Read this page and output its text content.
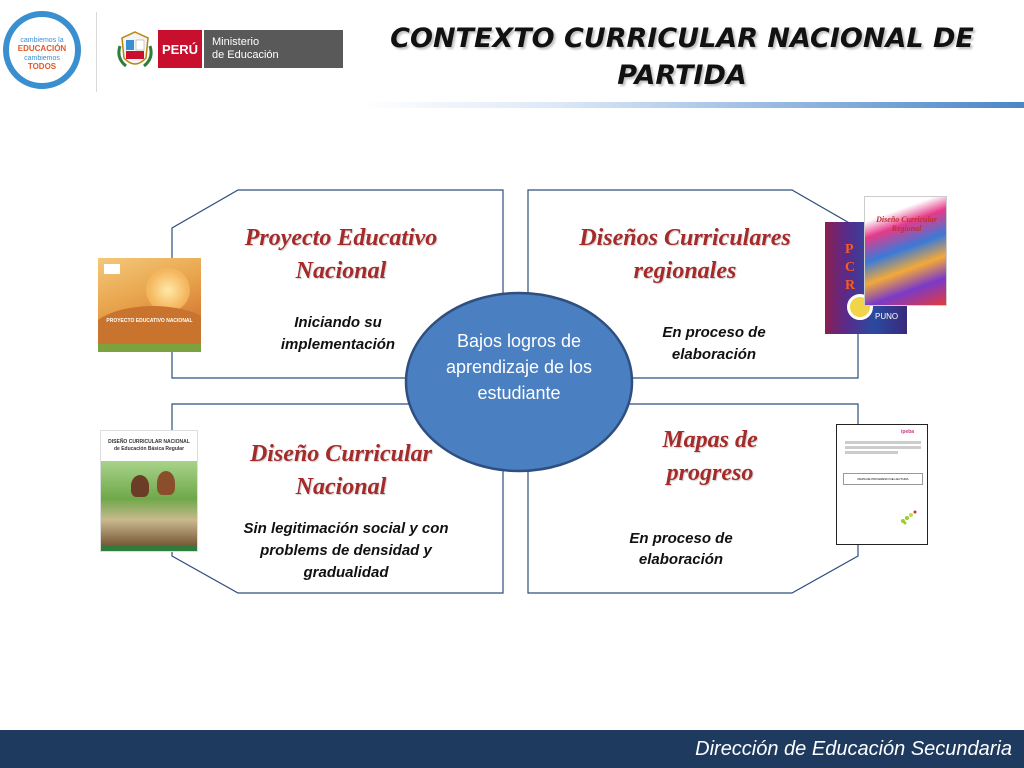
cambiemos la
EDUCACIÓN
cambiemos
TODOS
PERÚ	Ministerio
de Educación
CONTEXTO CURRICULAR NACIONAL DE
PARTIDA
Bajos logros de aprendizaje de los estudiante
Proyecto Educativo
Nacional
Iniciando su
implementación
Diseños Curriculares
regionales
En proceso de
elaboración
Diseño Curricular
Nacional
Sin legitimación social y con
problems de densidad y
gradualidad
Mapas de
progreso
En proceso de
elaboración
PROYECTO EDUCATIVO NACIONAL
P
C
R
PUNO
Diseño Curricular Regional
DISEÑO CURRICULAR NACIONAL de Educación Básica Regular
ipeba
MAPA DE PROGRESO DE LECTURA
Dirección de Educación Secundaria
